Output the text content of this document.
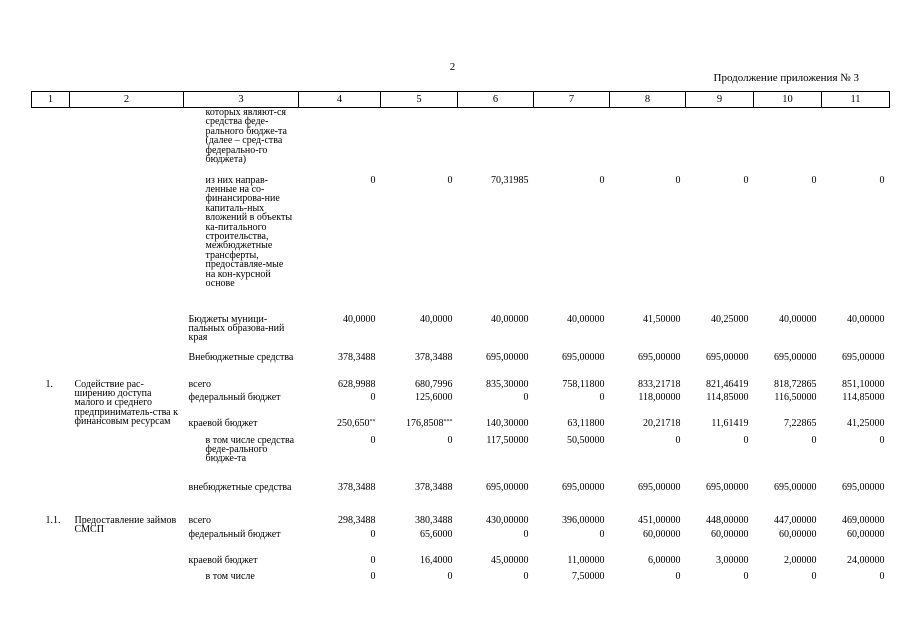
2
Продолжение приложения № 3
1	2	3	4	5	6	7	8	9	10	11
		которых являют-ся средства феде-рального бюдже-та (далее – сред-ства федерально-го бюджета)								
		из них направ-ленные на со-финансирова-ние капиталь-ных вложений в объекты ка-питального строительства, межбюджетные трансферты, предоставляе-мые на кон-курсной основе	0	0	70,31985	0	0	0	0	0
		Бюджеты муници-пальных образова-ний края	40,0000	40,0000	40,00000	40,00000	41,50000	40,25000	40,00000	40,00000
		Внебюджетные средства	378,3488	378,3488	695,00000	695,00000	695,00000	695,00000	695,00000	695,00000
1.	Содействие рас-ширению доступа малого и среднего предприниматель-ства к финансовым ресурсам	всего	628,9988	680,7996	835,30000	758,11800	833,21718	821,46419	818,72865	851,10000
		федеральный бюджет	0	125,6000	0	0	118,00000	114,85000	116,50000	114,85000
		краевой бюджет	250,650**	176,8508***	140,30000	63,11800	20,21718	11,61419	7,22865	41,25000
		в том числе средства феде-рального бюдже-та	0	0	117,50000	50,50000	0	0	0	0
		внебюджетные средства	378,3488	378,3488	695,00000	695,00000	695,00000	695,00000	695,00000	695,00000
1.1.	Предоставление займов СМСП	всего	298,3488	380,3488	430,00000	396,00000	451,00000	448,00000	447,00000	469,00000
		федеральный бюджет	0	65,6000	0	0	60,00000	60,00000	60,00000	60,00000
		краевой бюджет	0	16,4000	45,00000	11,00000	6,00000	3,00000	2,00000	24,00000
		в том числе	0	0	0	7,50000	0	0	0	0
